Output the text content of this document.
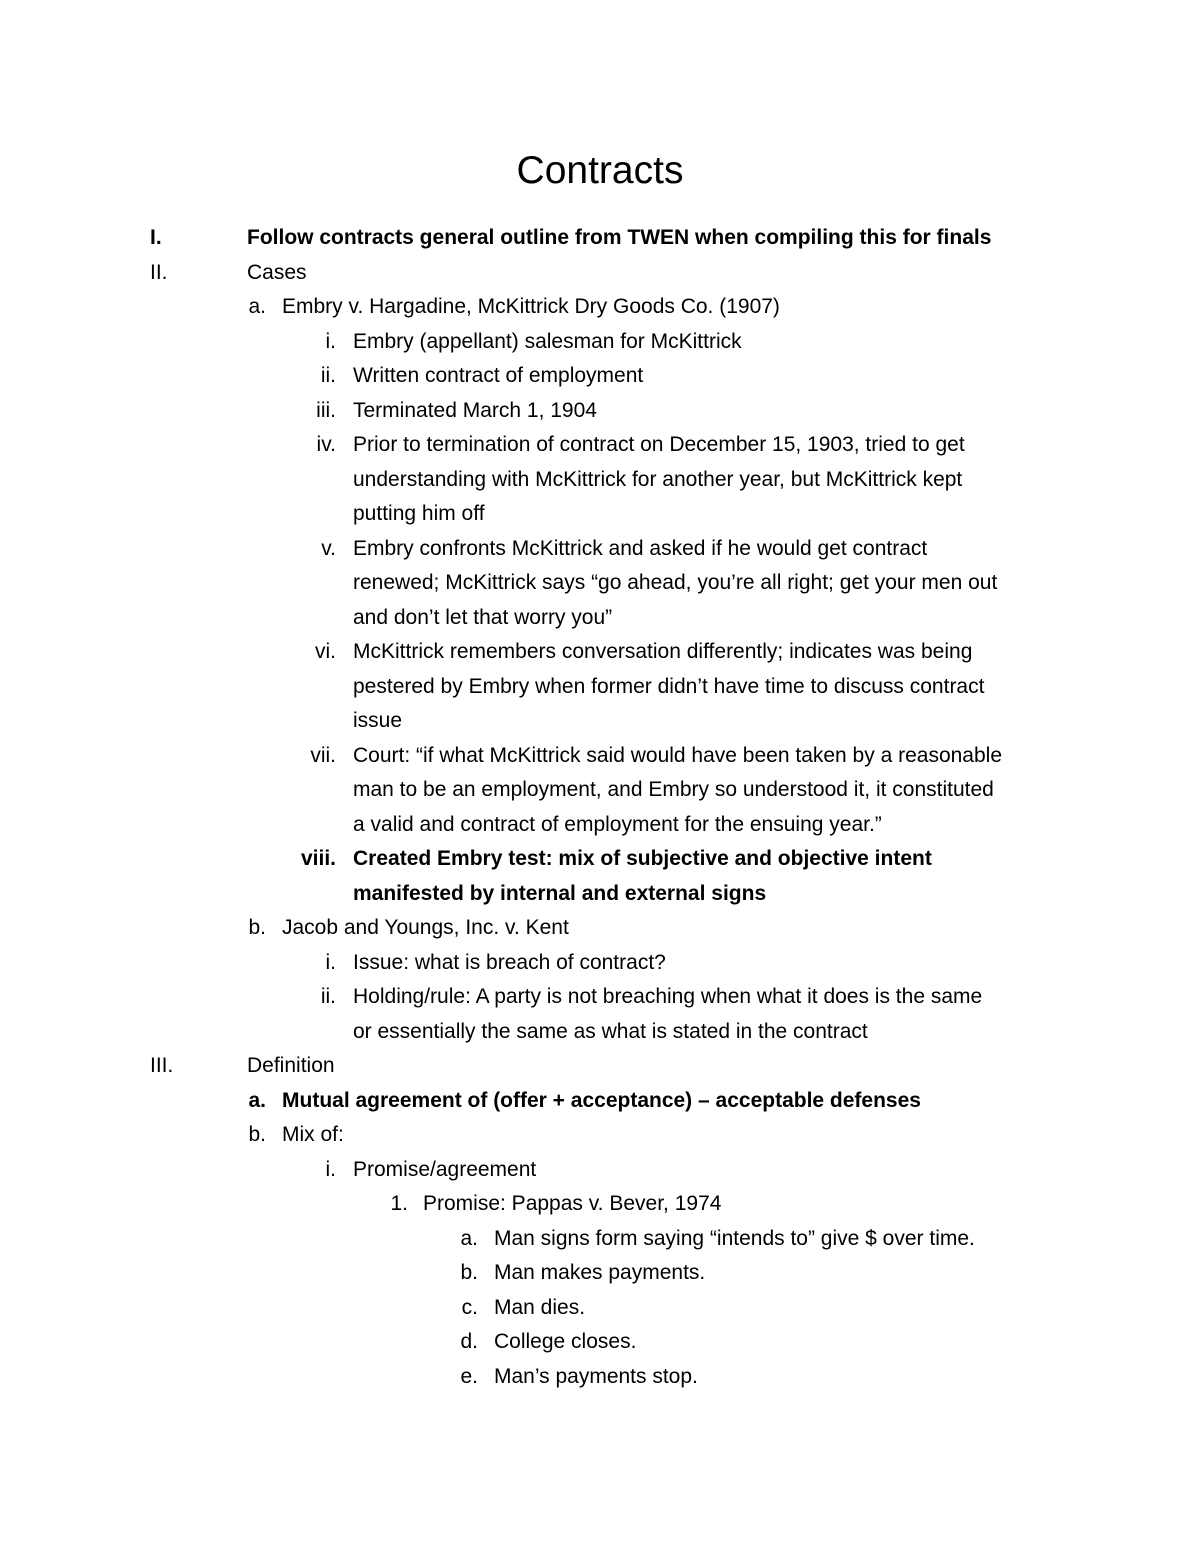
Contracts
I.	Follow contracts general outline from TWEN when compiling this for finals
II.	Cases
a. Embry v. Hargadine, McKittrick Dry Goods Co. (1907)
i. Embry (appellant) salesman for McKittrick
ii. Written contract of employment
iii. Terminated March 1, 1904
iv. Prior to termination of contract on December 15, 1903, tried to get
understanding with McKittrick for another year, but McKittrick kept
putting him off
v. Embry confronts McKittrick and asked if he would get contract
renewed; McKittrick says “go ahead, you’re all right; get your men out
and don’t let that worry you”
vi. McKittrick remembers conversation differently; indicates was being
pestered by Embry when former didn’t have time to discuss contract
issue
vii. Court: “if what McKittrick said would have been taken by a reasonable
man to be an employment, and Embry so understood it, it constituted
a valid and contract of employment for the ensuing year.”
viii. Created Embry test: mix of subjective and objective intent
manifested by internal and external signs
b. Jacob and Youngs, Inc. v. Kent
i. Issue: what is breach of contract?
ii. Holding/rule: A party is not breaching when what it does is the same
or essentially the same as what is stated in the contract
III.	Definition
a. Mutual agreement of (offer + acceptance) – acceptable defenses
b. Mix of:
i. Promise/agreement
1. Promise: Pappas v. Bever, 1974
a. Man signs form saying “intends to” give $ over time.
b. Man makes payments.
c. Man dies.
d. College closes.
e. Man’s payments stop.
